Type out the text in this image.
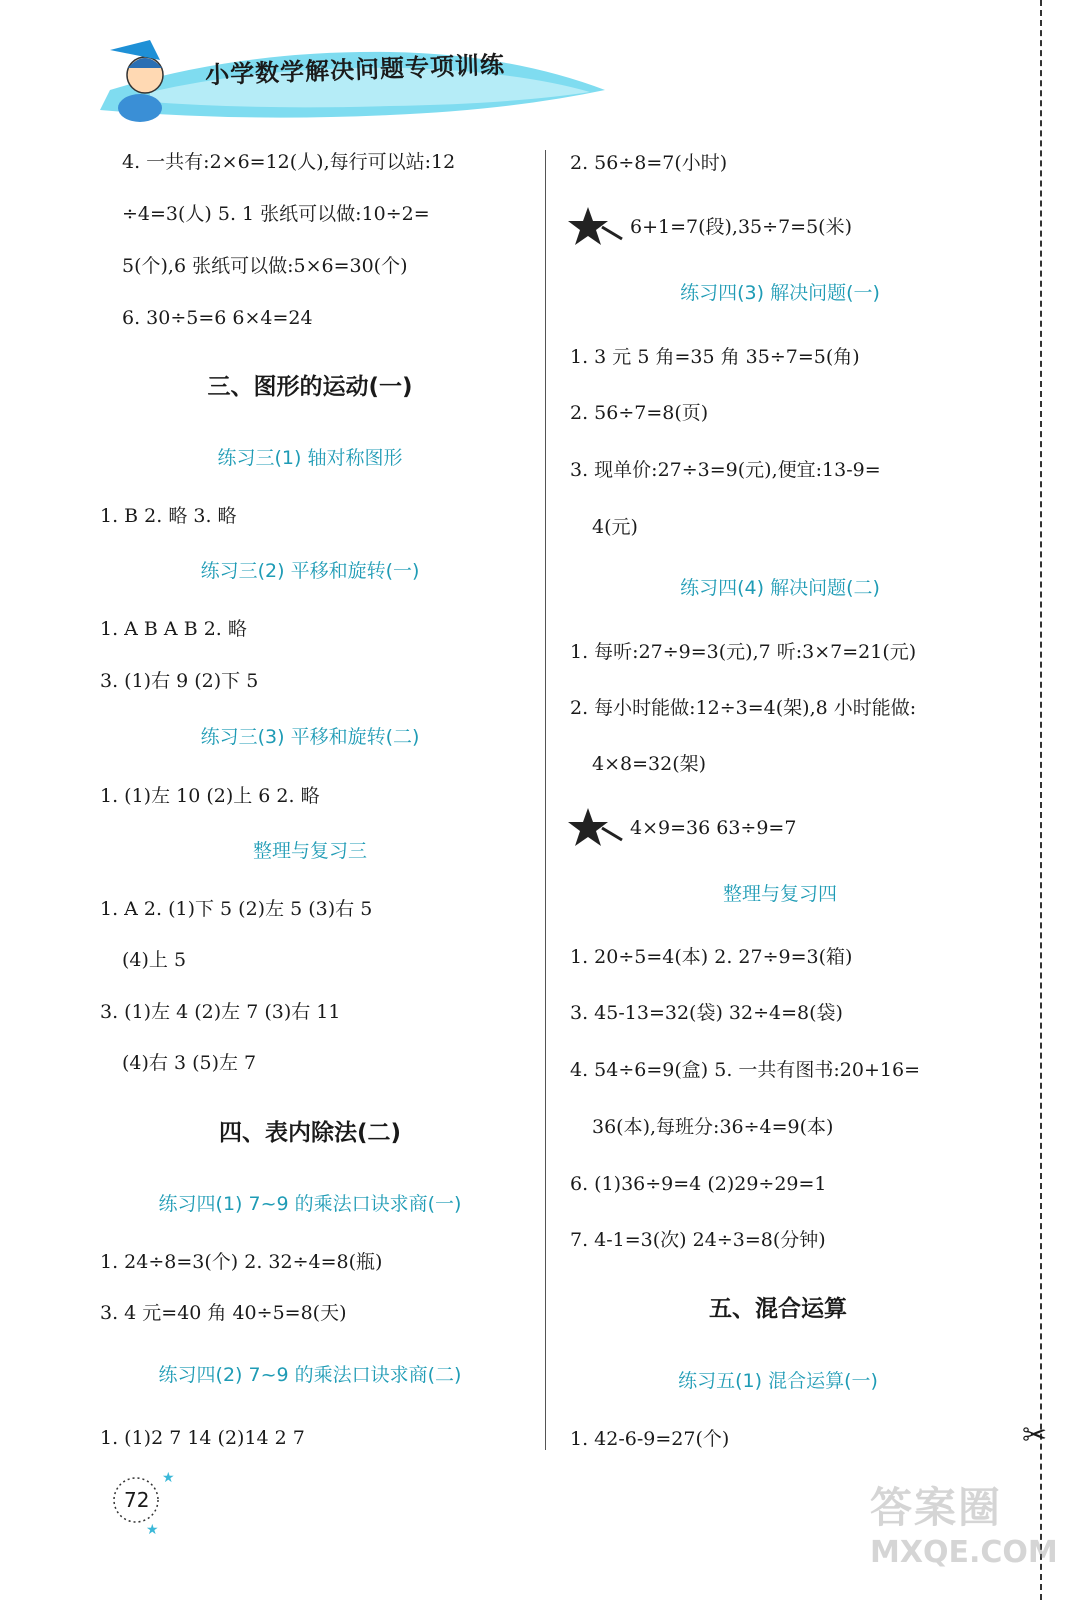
小学数学解决问题专项训练
✂
4. 一共有:2×6=12(人),每行可以站:12
÷4=3(人) 5. 1 张纸可以做:10÷2=
5(个),6 张纸可以做:5×6=30(个)
6. 30÷5=6 6×4=24
三、图形的运动(一)
练习三(1) 轴对称图形
1. B 2. 略 3. 略
练习三(2) 平移和旋转(一)
1. A B A B 2. 略
3. (1)右 9 (2)下 5
练习三(3) 平移和旋转(二)
1. (1)左 10 (2)上 6 2. 略
整理与复习三
1. A 2. (1)下 5 (2)左 5 (3)右 5
(4)上 5
3. (1)左 4 (2)左 7 (3)右 11
(4)右 3 (5)左 7
四、表内除法(二)
练习四(1) 7~9 的乘法口诀求商(一)
1. 24÷8=3(个) 2. 32÷4=8(瓶)
3. 4 元=40 角 40÷5=8(天)
练习四(2) 7~9 的乘法口诀求商(二)
1. (1)2 7 14 (2)14 2 7
2. 56÷8=7(小时)
6+1=7(段),35÷7=5(米)
练习四(3) 解决问题(一)
1. 3 元 5 角=35 角 35÷7=5(角)
2. 56÷7=8(页)
3. 现单价:27÷3=9(元),便宜:13-9=
4(元)
练习四(4) 解决问题(二)
1. 每听:27÷9=3(元),7 听:3×7=21(元)
2. 每小时能做:12÷3=4(架),8 小时能做:
4×8=32(架)
4×9=36 63÷9=7
整理与复习四
1. 20÷5=4(本) 2. 27÷9=3(箱)
3. 45-13=32(袋) 32÷4=8(袋)
4. 54÷6=9(盒) 5. 一共有图书:20+16=
36(本),每班分:36÷4=9(本)
6. (1)36÷9=4 (2)29÷29=1
7. 4-1=3(次) 24÷3=8(分钟)
五、混合运算
练习五(1) 混合运算(一)
1. 42-6-9=27(个)
★
★
72	答案圈
MXQE.COM
